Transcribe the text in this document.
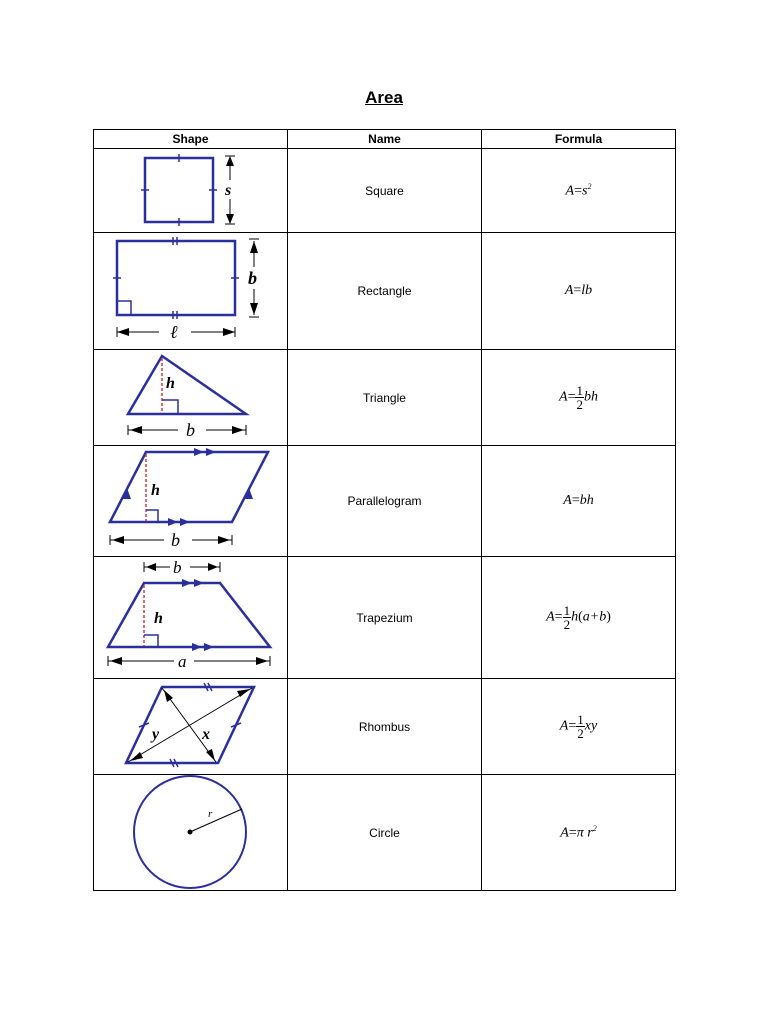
Area
Shape	Name	Formula

s	Square	$A=s^2$

b
ℓ	Rectangle	A=lb

h
b	Triangle	$A= \frac{1}{2}$ bh

h
b	Parallelogram	A=bh

h
b
a	Trapezium	$A= \frac{1}{2} h(a+b)$

y x	Rhombus	$A= \frac{1}{2}$ xy

r	Circle	A=π $r^2$
